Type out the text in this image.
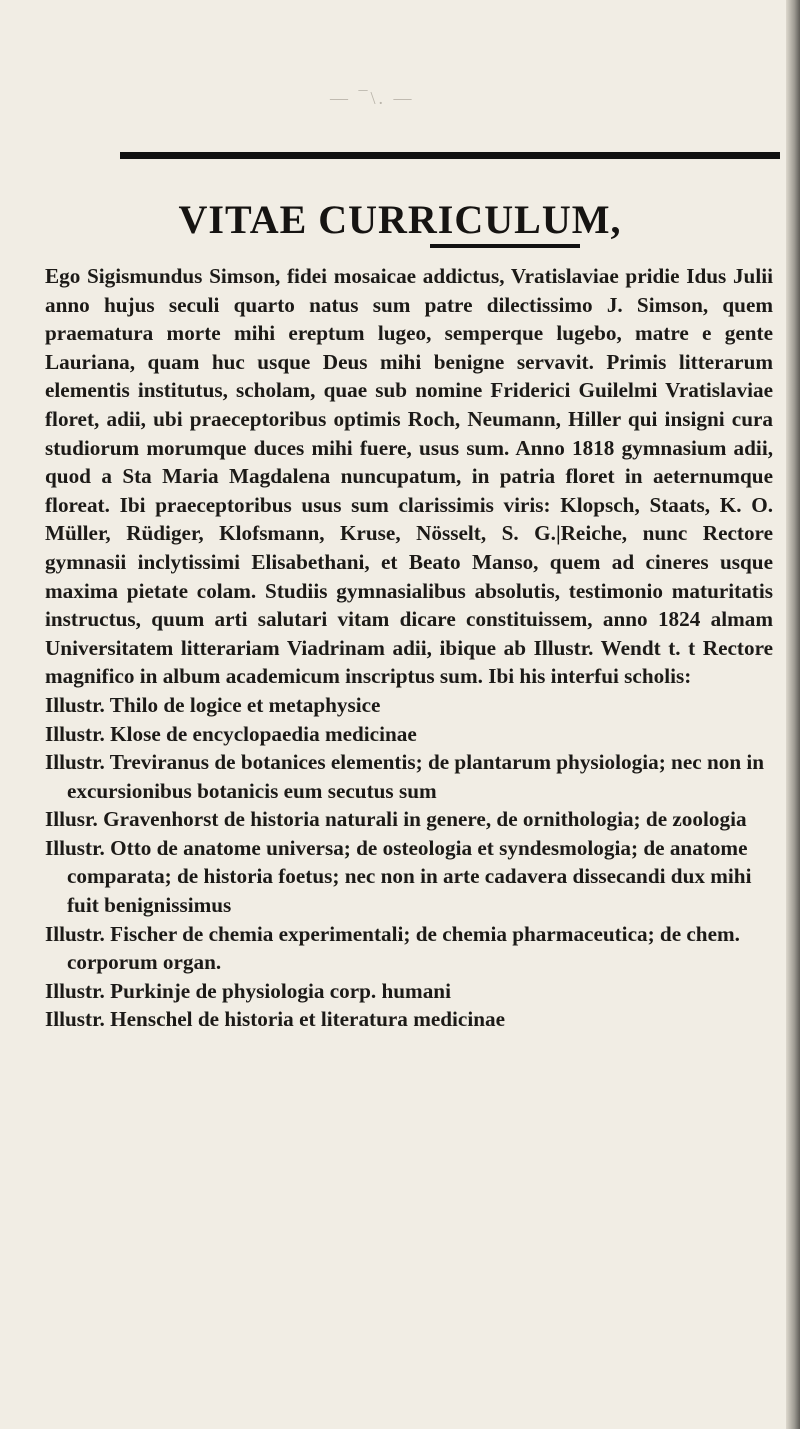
— ¯\. —
VITAE CURRICULUM,

Ego Sigismundus Simson, fidei mosaicae addictus, Vratislaviae pridie Idus Julii anno hujus seculi quarto natus sum patre dilectissimo J. Simson, quem praematura morte mihi ereptum lugeo, semperque lugebo, matre e gente Lauriana, quam huc usque Deus mihi benigne servavit. Primis litterarum elementis institutus, scholam, quae sub nomine Friderici Guilelmi Vratislaviae floret, adii, ubi praeceptoribus optimis Roch, Neumann, Hiller qui insigni cura studiorum morumque duces mihi fuere, usus sum. Anno 1818 gymnasium adii, quod a Sta Maria Magdalena nuncupatum, in patria floret in aeternumque floreat. Ibi praeceptoribus usus sum clarissimis viris: Klopsch, Staats, K. O. Müller, Rüdiger, Klofsmann, Kruse, Nösselt, S. G.|Reiche, nunc Rectore gymnasii inclytissimi Elisabethani, et Beato Manso, quem ad cineres usque maxima pietate colam. Studiis gymnasialibus absolutis, testimonio maturitatis instructus, quum arti salutari vitam dicare constituissem, anno 1824 almam Universitatem litterariam Viadrinam adii, ibique ab Illustr. Wendt t. t Rectore magnifico in album academicum inscriptus sum. Ibi his interfui scholis:

Illustr. Thilo de logice et metaphysice
Illustr. Klose de encyclopaedia medicinae
Illustr. Treviranus de botanices elementis; de plantarum physiologia; nec non in excursionibus botanicis eum secutus sum
Illusr. Gravenhorst de historia naturali in genere, de ornithologia; de zoologia
Illustr. Otto de anatome universa; de osteologia et syndesmologia; de anatome comparata; de historia foetus; nec non in arte cadavera dissecandi dux mihi fuit benignissimus
Illustr. Fischer de chemia experimentali; de chemia pharmaceutica; de chem. corporum organ.
Illustr. Purkinje de physiologia corp. humani
Illustr. Henschel de historia et literatura medicinae
